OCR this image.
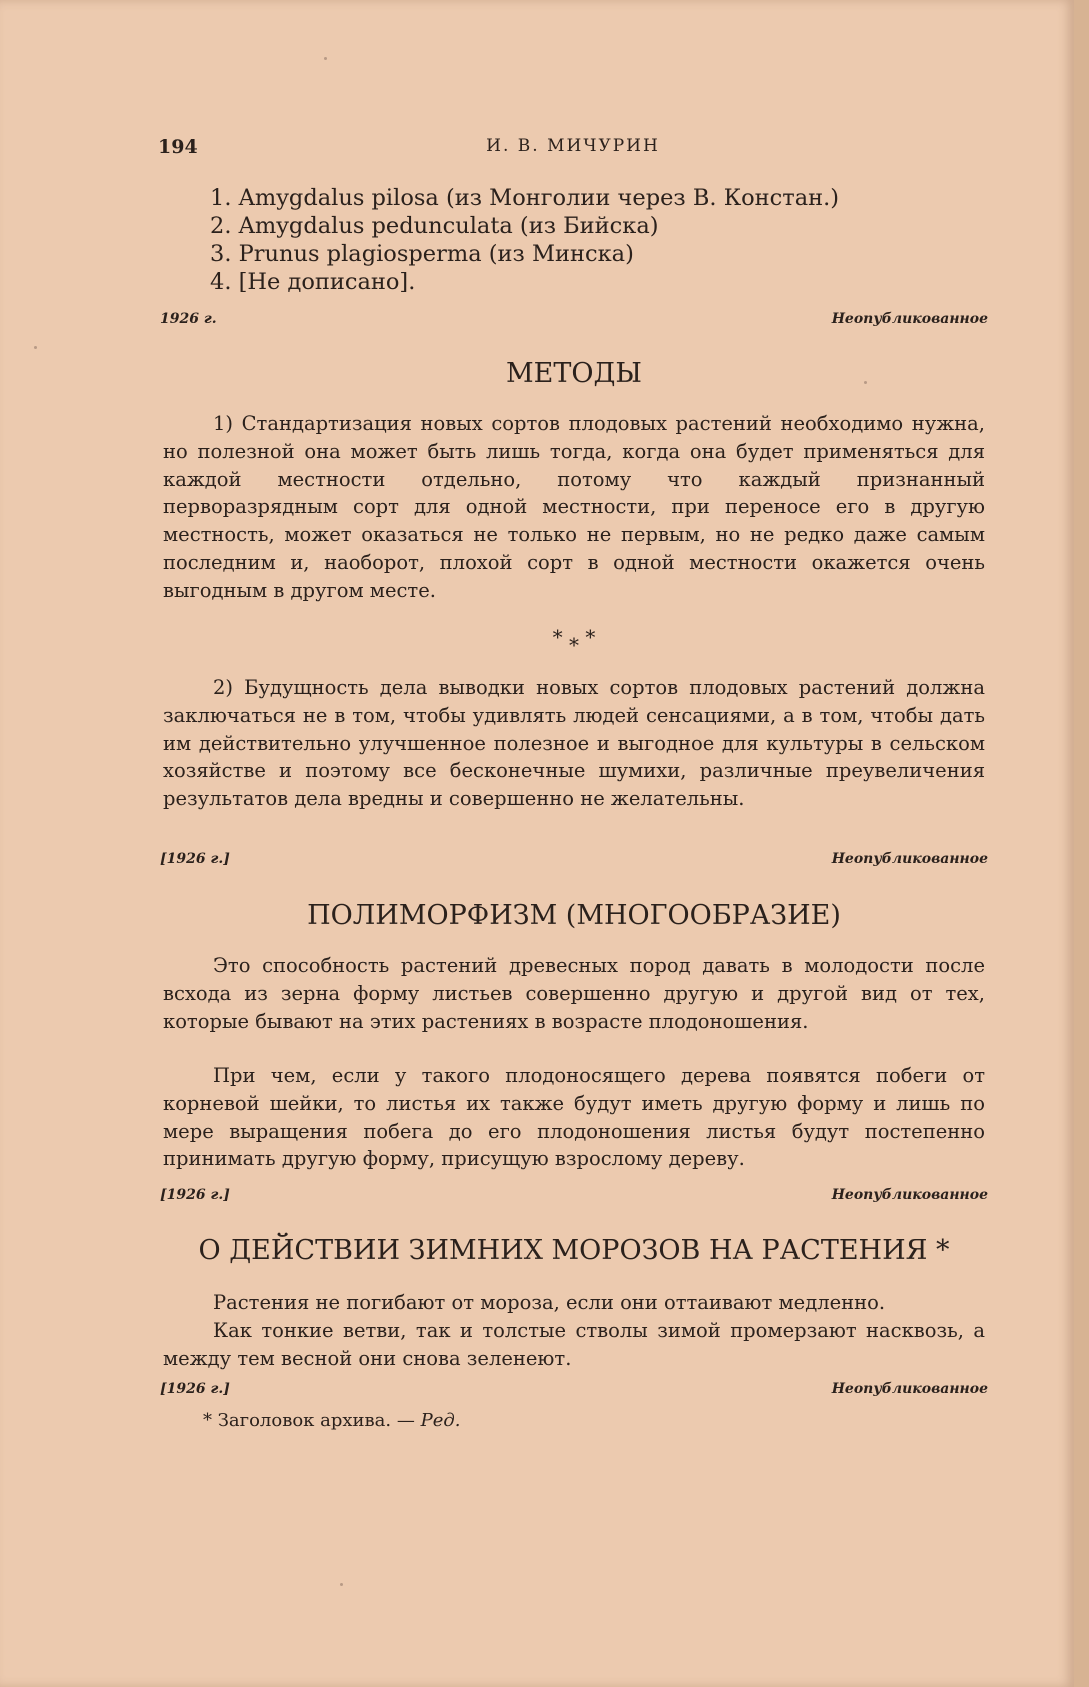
194	И. В. МИЧУРИН
1. Amygdalus pilosa (из Монголии через В. Констан.)
2. Amygdalus pedunculata (из Бийска)
3. Prunus plagiosperma (из Минска)
4. [Не дописано].
1926 г.	Неопубликованное
МЕТОДЫ

1) Стандартизация новых сортов плодовых растений необходимо нужна, но полезной она может быть лишь тогда, когда она будет применяться для каждой местности отдельно, потому что каждый признанный перворазрядным сорт для одной местности, при переносе его в другую местность, может оказаться не только не первым, но не редко даже самым последним и, наоборот, плохой сорт в одной местности окажется очень выгодным в другом месте.

* * *

2) Будущность дела выводки новых сортов плодовых растений должна заключаться не в том, чтобы удивлять людей сенсациями, а в том, чтобы дать им действительно улучшенное полезное и выгодное для культуры в сельском хозяйстве и поэтому все бесконечные шумихи, различные преувеличения результатов дела вредны и совершенно не желательны.

[1926 г.]	Неопубликованное
ПОЛИМОРФИЗМ (МНОГООБРАЗИЕ)

Это способность растений древесных пород давать в молодости после всхода из зерна форму листьев совершенно другую и другой вид от тех, которые бывают на этих растениях в возрасте плодоношения.

При чем, если у такого плодоносящего дерева появятся побеги от корневой шейки, то листья их также будут иметь другую форму и лишь по мере выращения побега до его плодоношения листья будут постепенно принимать другую форму, присущую взрослому дереву.

[1926 г.]	Неопубликованное
О ДЕЙСТВИИ ЗИМНИХ МОРОЗОВ НА РАСТЕНИЯ *

Растения не погибают от мороза, если они оттаивают медленно.

Как тонкие ветви, так и толстые стволы зимой промерзают насквозь, а между тем весной они снова зеленеют.

[1926 г.]	Неопубликованное
* Заголовок архива. — Ред.
